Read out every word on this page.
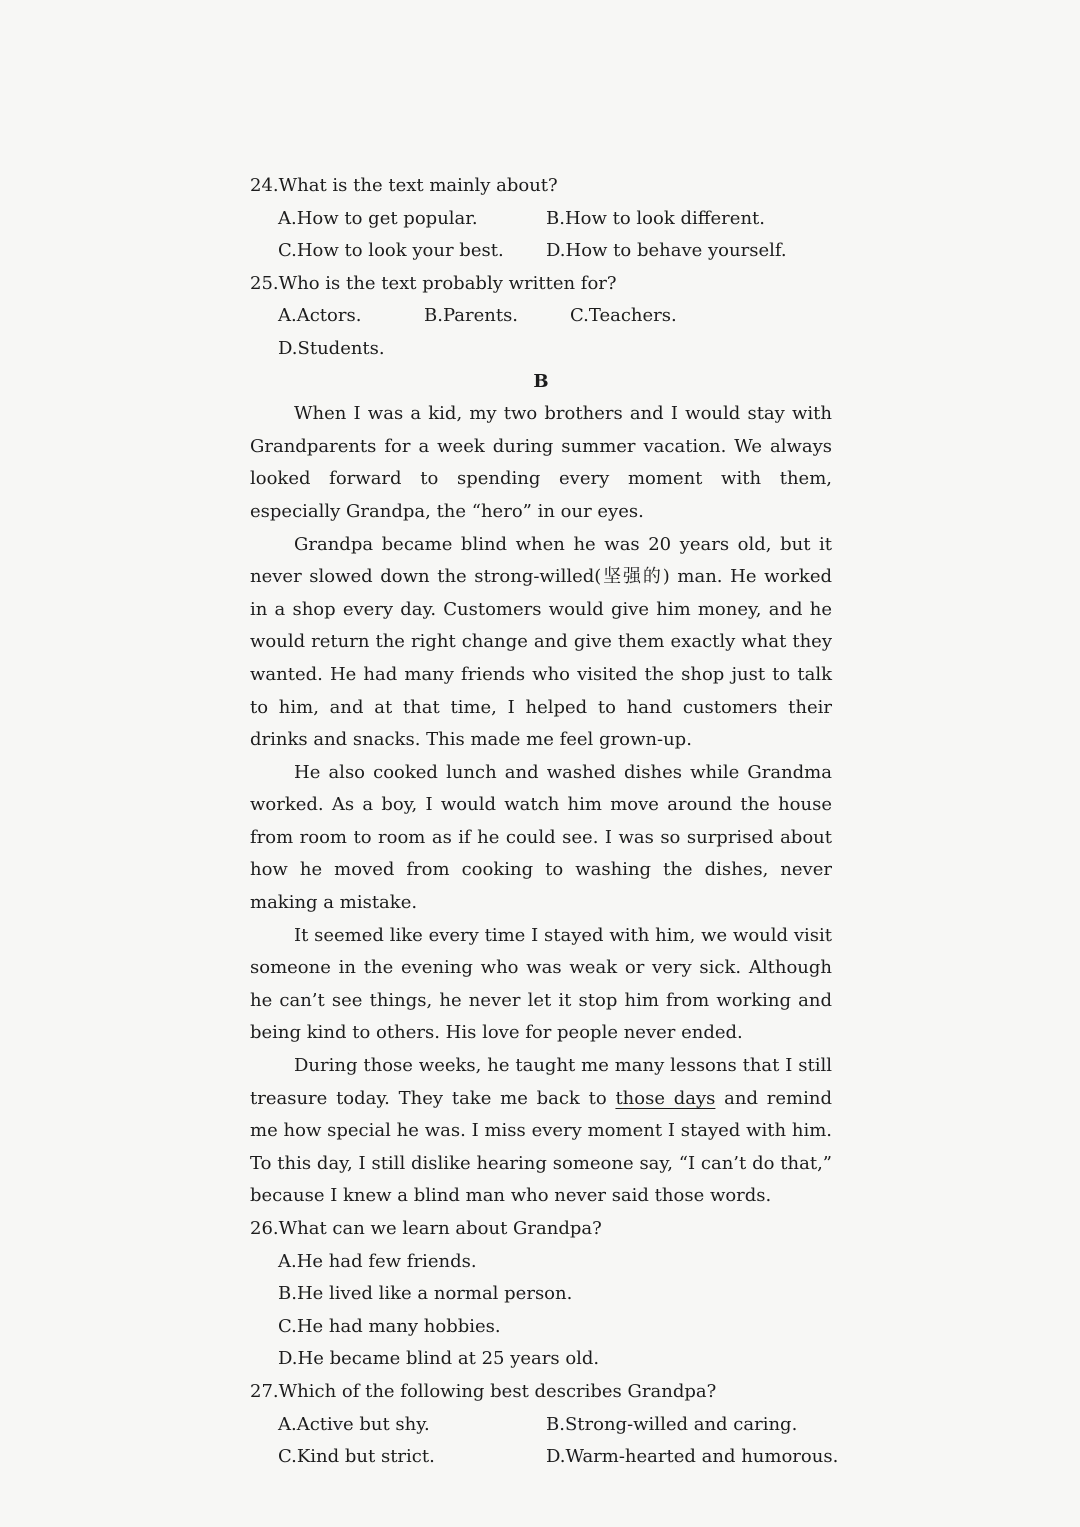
24.What is the text mainly about?

A.How to get popular.	B.How to look different.
C.How to look your best.	D.How to behave yourself.

25.Who is the text probably written for?

A.Actors.	B.Parents.	C.Teachers.
D.Students.

B

When I was a kid, my two brothers and I would stay with Grandparents for a week during summer vacation. We always looked forward to spending every moment with them, especially Grandpa, the “hero” in our eyes.

Grandpa became blind when he was 20 years old, but it never slowed down the strong-willed(坚强的) man. He worked in a shop every day. Customers would give him money, and he would return the right change and give them exactly what they wanted. He had many friends who visited the shop just to talk to him, and at that time, I helped to hand customers their drinks and snacks. This made me feel grown-up.

He also cooked lunch and washed dishes while Grandma worked. As a boy, I would watch him move around the house from room to room as if he could see. I was so surprised about how he moved from cooking to washing the dishes, never making a mistake.

It seemed like every time I stayed with him, we would visit someone in the evening who was weak or very sick. Although he can’t see things, he never let it stop him from working and being kind to others. His love for people never ended.

During those weeks, he taught me many lessons that I still treasure today. They take me back to those days and remind me how special he was. I miss every moment I stayed with him. To this day, I still dislike hearing someone say, “I can’t do that,” because I knew a blind man who never said those words.

26.What can we learn about Grandpa?

A.He had few friends.
B.He lived like a normal person.
C.He had many hobbies.
D.He became blind at 25 years old.

27.Which of the following best describes Grandpa?

A.Active but shy.	B.Strong-willed and caring.
C.Kind but strict.	D.Warm-hearted and humorous.
